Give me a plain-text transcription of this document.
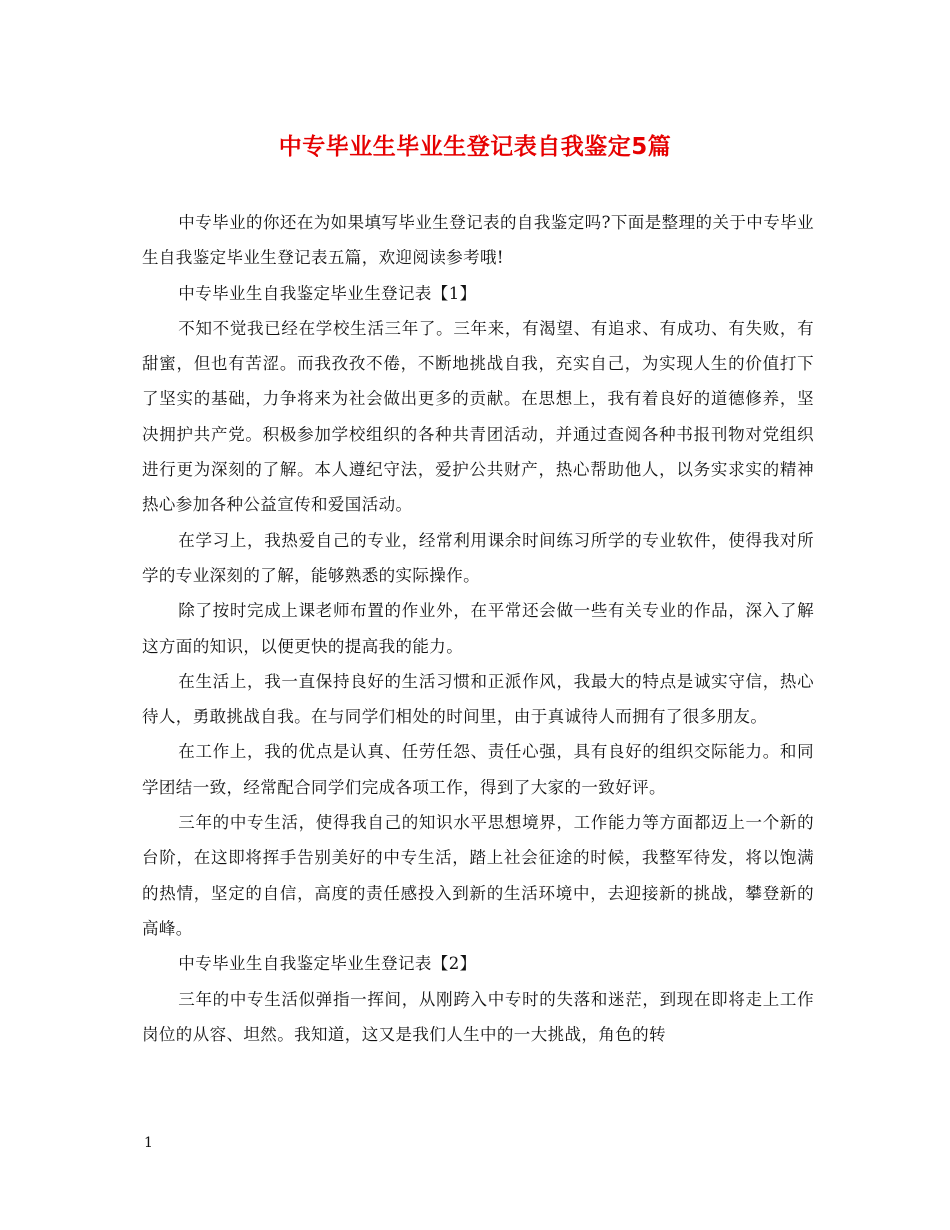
中专毕业生毕业生登记表自我鉴定5篇

中专毕业的你还在为如果填写毕业生登记表的自我鉴定吗?下面是整理的关于中专毕业生自我鉴定毕业生登记表五篇，欢迎阅读参考哦!

中专毕业生自我鉴定毕业生登记表【1】

不知不觉我已经在学校生活三年了。三年来，有渴望、有追求、有成功、有失败，有甜蜜，但也有苦涩。而我孜孜不倦，不断地挑战自我，充实自己，为实现人生的价值打下了坚实的基础，力争将来为社会做出更多的贡献。在思想上，我有着良好的道德修养，坚决拥护共产党。积极参加学校组织的各种共青团活动，并通过查阅各种书报刊物对党组织进行更为深刻的了解。本人遵纪守法，爱护公共财产，热心帮助他人，以务实求实的精神热心参加各种公益宣传和爱国活动。

在学习上，我热爱自己的专业，经常利用课余时间练习所学的专业软件，使得我对所学的专业深刻的了解，能够熟悉的实际操作。

除了按时完成上课老师布置的作业外，在平常还会做一些有关专业的作品，深入了解这方面的知识，以便更快的提高我的能力。

在生活上，我一直保持良好的生活习惯和正派作风，我最大的特点是诚实守信，热心待人，勇敢挑战自我。在与同学们相处的时间里，由于真诚待人而拥有了很多朋友。

在工作上，我的优点是认真、任劳任怨、责任心强，具有良好的组织交际能力。和同学团结一致，经常配合同学们完成各项工作，得到了大家的一致好评。

三年的中专生活，使得我自己的知识水平思想境界，工作能力等方面都迈上一个新的台阶，在这即将挥手告别美好的中专生活，踏上社会征途的时候，我整军待发，将以饱满的热情，坚定的自信，高度的责任感投入到新的生活环境中，去迎接新的挑战，攀登新的高峰。

中专毕业生自我鉴定毕业生登记表【2】

三年的中专生活似弹指一挥间，从刚跨入中专时的失落和迷茫，到现在即将走上工作岗位的从容、坦然。我知道，这又是我们人生中的一大挑战，角色的转

1
